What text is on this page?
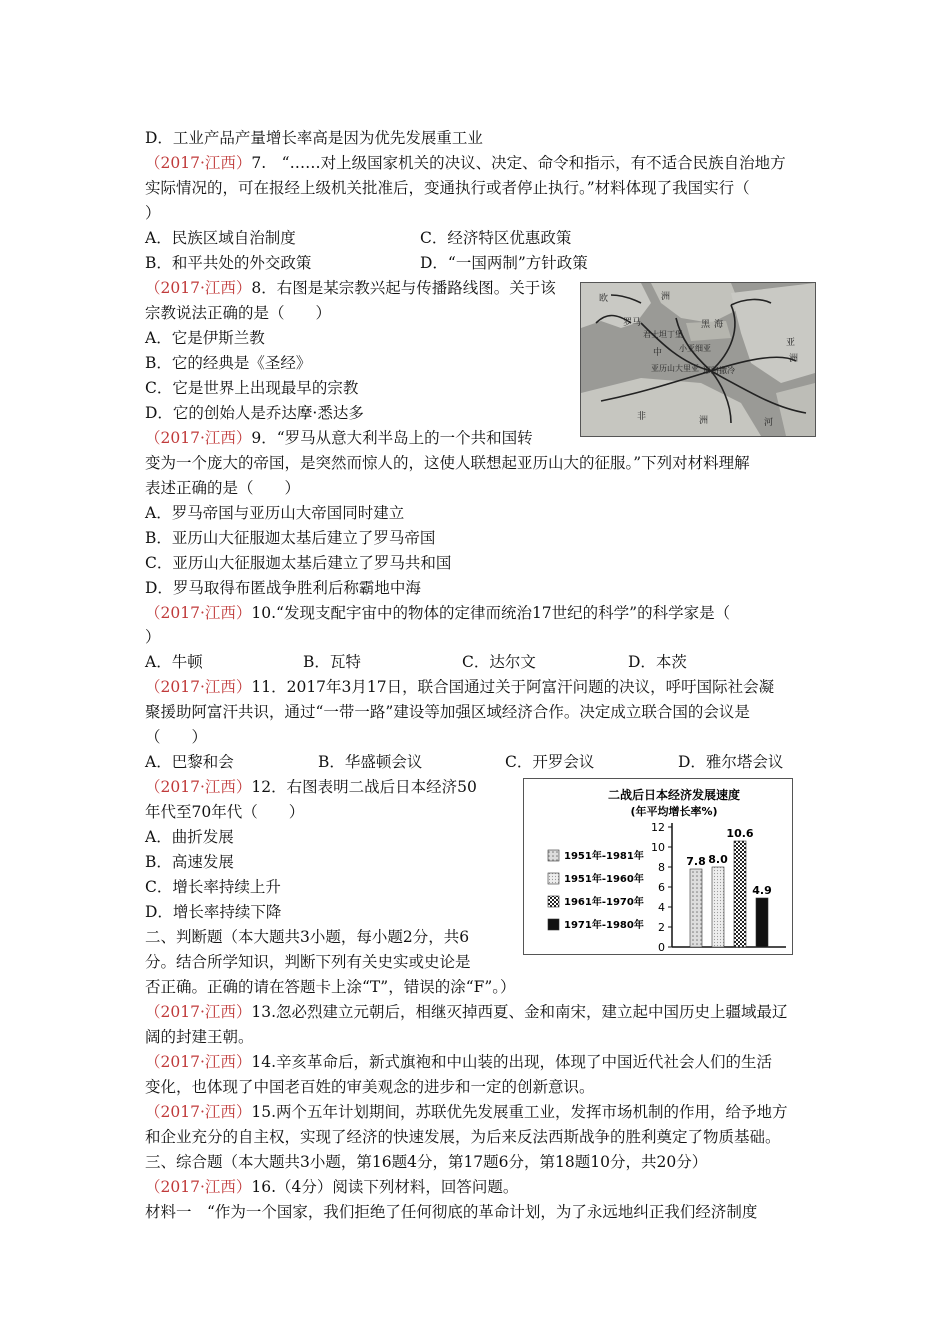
D．工业产品产量增长率高是因为优先发展重工业
（2017·江西）7.　“……对上级国家机关的决议、决定、命令和指示，有不适合民族自治地方
实际情况的，可在报经上级机关批准后，变通执行或者停止执行。”材料体现了我国实行（
）
A．民族区域自治制度	C．经济特区优惠政策
B．和平共处的外交政策	D．“一国两制”方针政策
（2017·江西）8．右图是某宗教兴起与传播路线图。关于该
宗教说法正确的是（　　）
A．它是伊斯兰教
B．它的经典是《圣经》
C．它是世界上出现最早的宗教
D．它的创始人是乔达摩·悉达多
欧	洲
罗马
君士坦丁堡
小亚细亚
黑 海
亚历山大里亚 耶路撒冷
中
亚
洲
非	洲	河
（2017·江西）9．“罗马从意大利半岛上的一个共和国转
变为一个庞大的帝国，是突然而惊人的，这使人联想起亚历山大的征服。”下列对材料理解
表述正确的是（　　）
A．罗马帝国与亚历山大帝国同时建立
B．亚历山大征服迦太基后建立了罗马帝国
C．亚历山大征服迦太基后建立了罗马共和国
D．罗马取得布匿战争胜利后称霸地中海
（2017·江西）10.“发现支配宇宙中的物体的定律而统治17世纪的科学”的科学家是（
）
A．牛顿	B．瓦特	C．达尔文	D．本茨
（2017·江西）11．2017年3月17日，联合国通过关于阿富汗问题的决议，呼吁国际社会凝
聚援助阿富汗共识，通过“一带一路”建设等加强区域经济合作。决定成立联合国的会议是
（　　）
A．巴黎和会	B．华盛顿会议	C．开罗会议	D．雅尔塔会议
（2017·江西）12．右图表明二战后日本经济50
年代至70年代（　　）
A．曲折发展
B．高速发展
C．增长率持续上升
D．增长率持续下降
二战后日本经济发展速度
(年平均增长率%)
0
2
4
6
8
10
12
7.8 8.0
10.6
4.9
1951年-1981年
1951年-1960年
1961年-1970年
1971年-1980年
二、判断题（本大题共3小题，每小题2分，共6
分。结合所学知识，判断下列有关史实或史论是
否正确。正确的请在答题卡上涂“T”，错误的涂“F”。）
（2017·江西）13.忽必烈建立元朝后，相继灭掉西夏、金和南宋，建立起中国历史上疆域最辽
阔的封建王朝。
（2017·江西）14.辛亥革命后，新式旗袍和中山装的出现，体现了中国近代社会人们的生活
变化，也体现了中国老百姓的审美观念的进步和一定的创新意识。
（2017·江西）15.两个五年计划期间，苏联优先发展重工业，发挥市场机制的作用，给予地方
和企业充分的自主权，实现了经济的快速发展，为后来反法西斯战争的胜利奠定了物质基础。
三、综合题（本大题共3小题，第16题4分，第17题6分，第18题10分，共20分）
（2017·江西）16.（4分）阅读下列材料，回答问题。
材料一　“作为一个国家，我们拒绝了任何彻底的革命计划，为了永远地纠正我们经济制度
